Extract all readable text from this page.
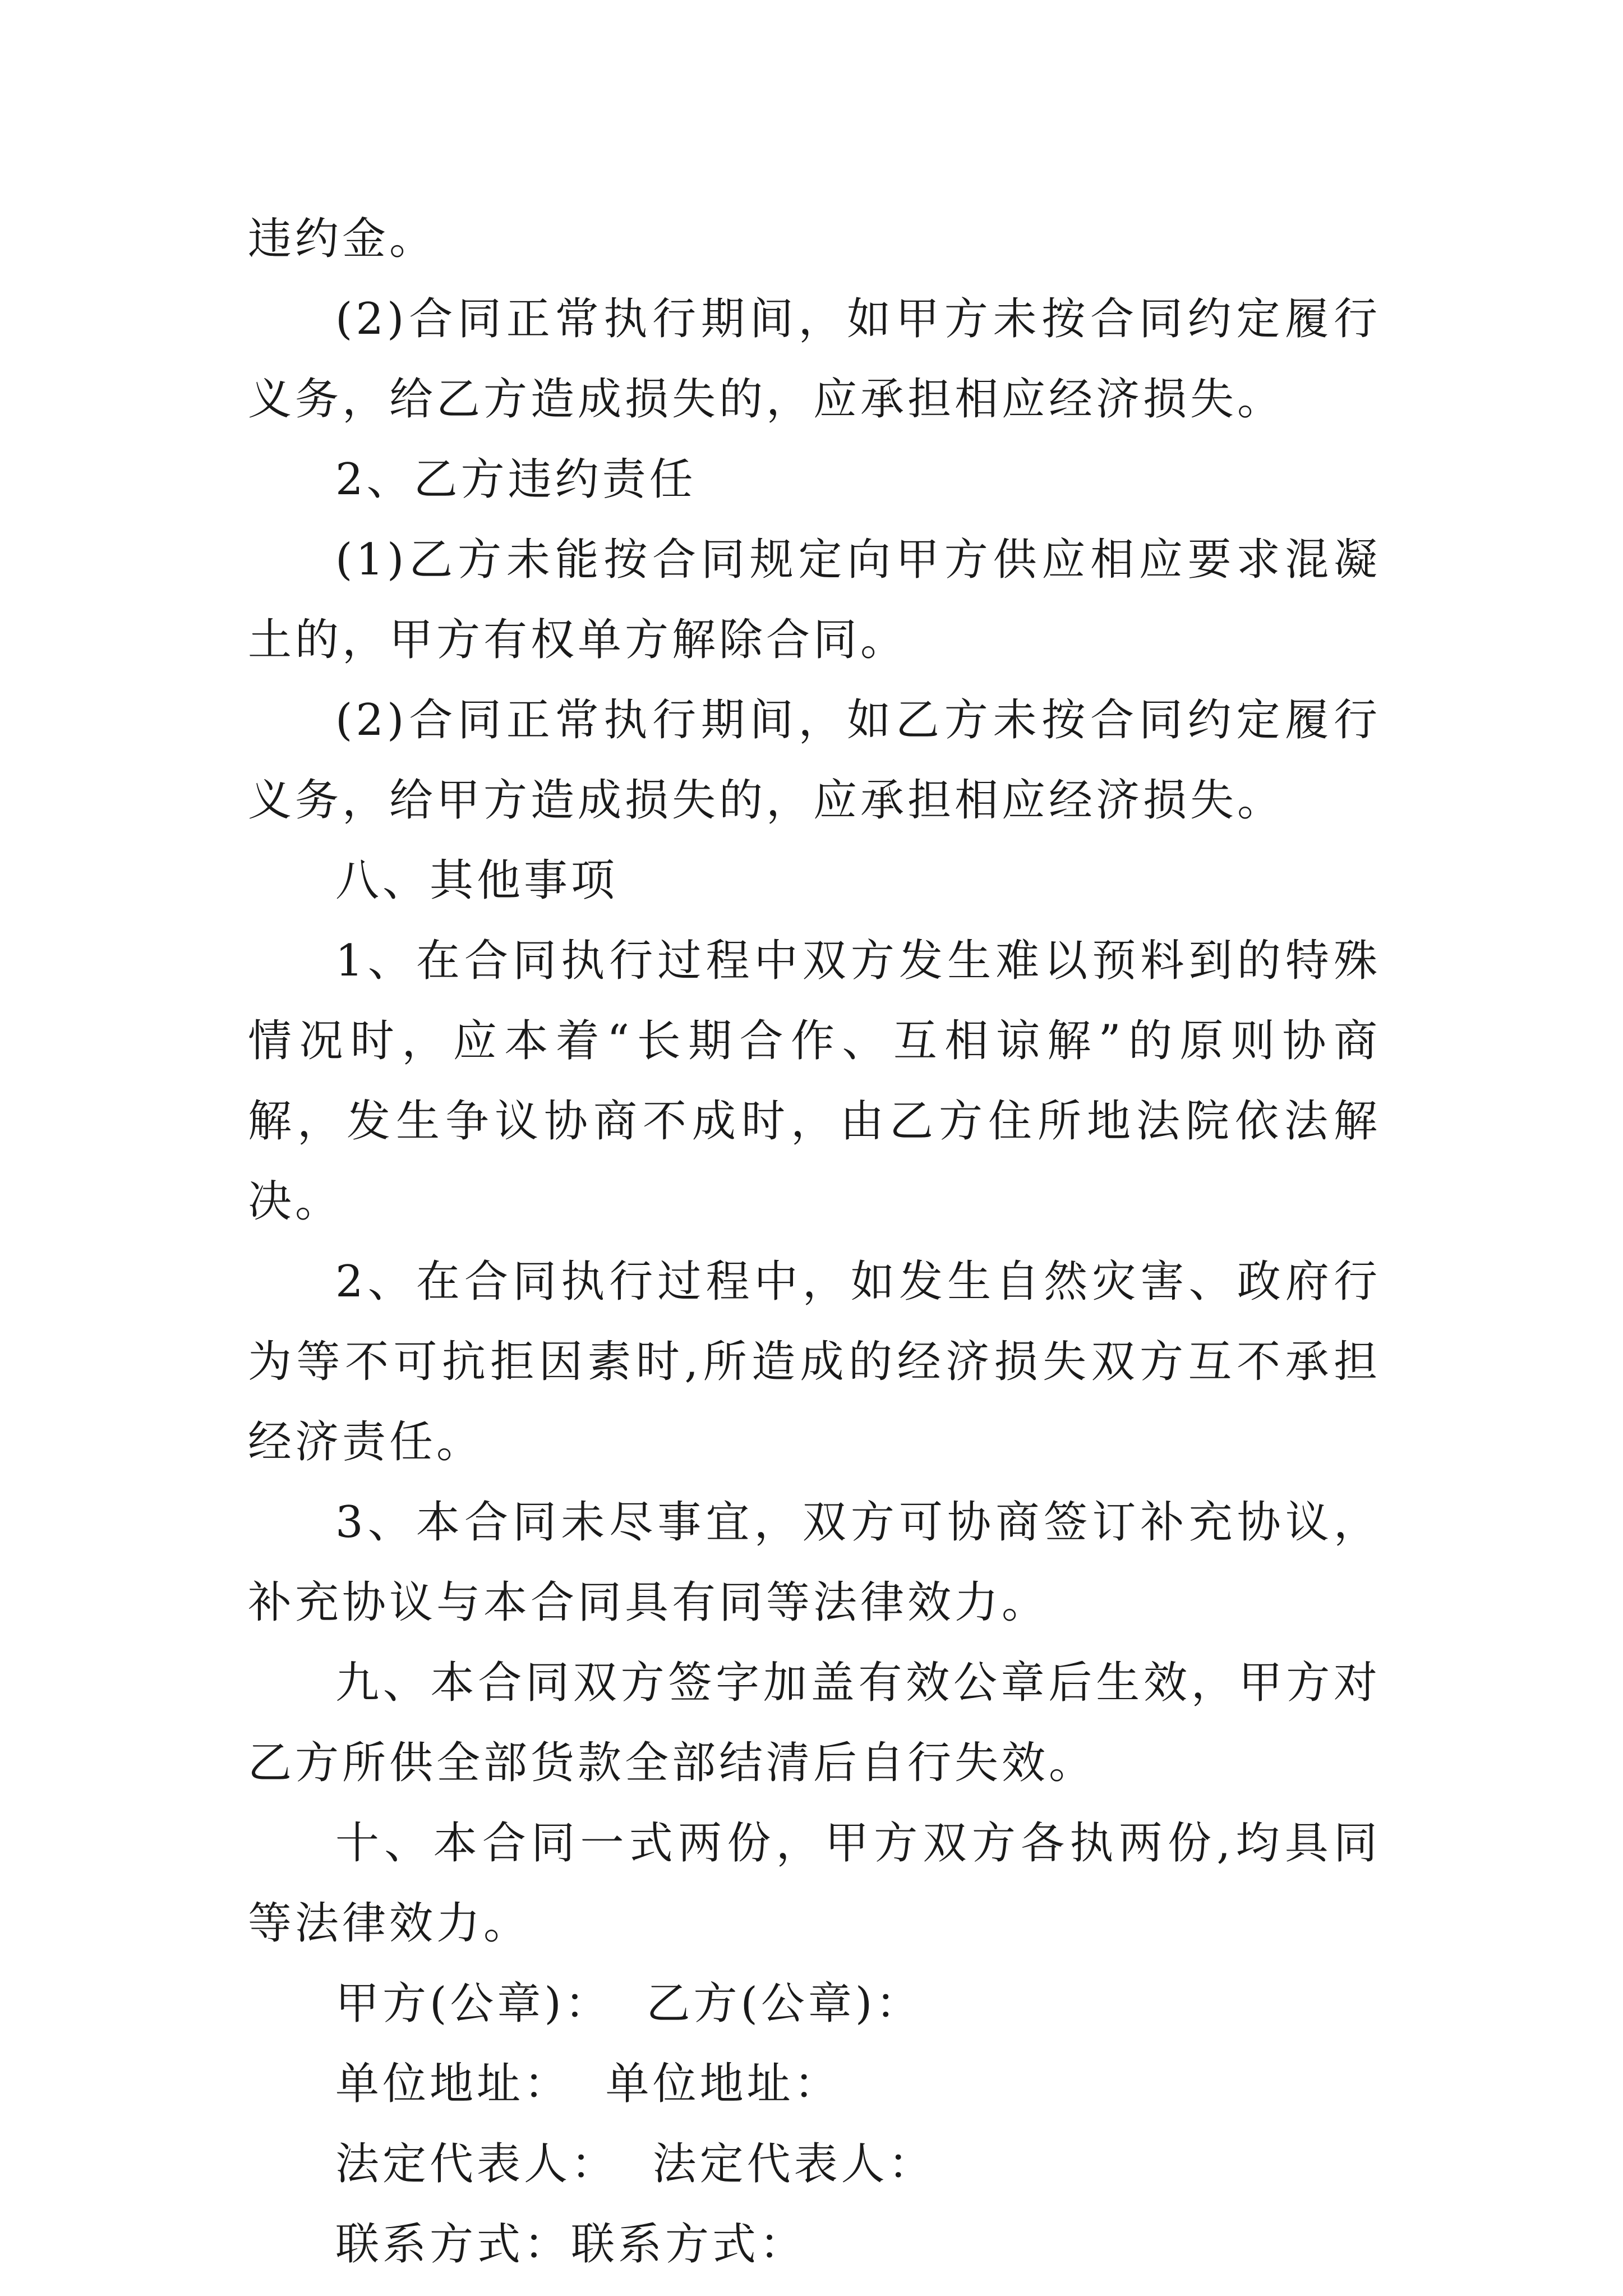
违约金。

(2)合同正常执行期间，如甲方未按合同约定履行义务，给乙方造成损失的，应承担相应经济损失。

2、乙方违约责任

(1)乙方未能按合同规定向甲方供应相应要求混凝土的，甲方有权单方解除合同。

(2)合同正常执行期间，如乙方未按合同约定履行义务，给甲方造成损失的，应承担相应经济损失。

八、其他事项

1、在合同执行过程中双方发生难以预料到的特殊情况时，应本着“长期合作、互相谅解”的原则协商解，发生争议协商不成时，由乙方住所地法院依法解决。

2、在合同执行过程中，如发生自然灾害、政府行为等不可抗拒因素时,所造成的经济损失双方互不承担经济责任。

3、本合同未尽事宜，双方可协商签订补充协议，补充协议与本合同具有同等法律效力。

九、本合同双方签字加盖有效公章后生效，甲方对乙方所供全部货款全部结清后自行失效。

十、本合同一式两份，甲方双方各执两份,均具同等法律效力。

甲方(公章)：  乙方(公章)：

单位地址：  单位地址：

法定代表人：  法定代表人：

联系方式：联系方式：
